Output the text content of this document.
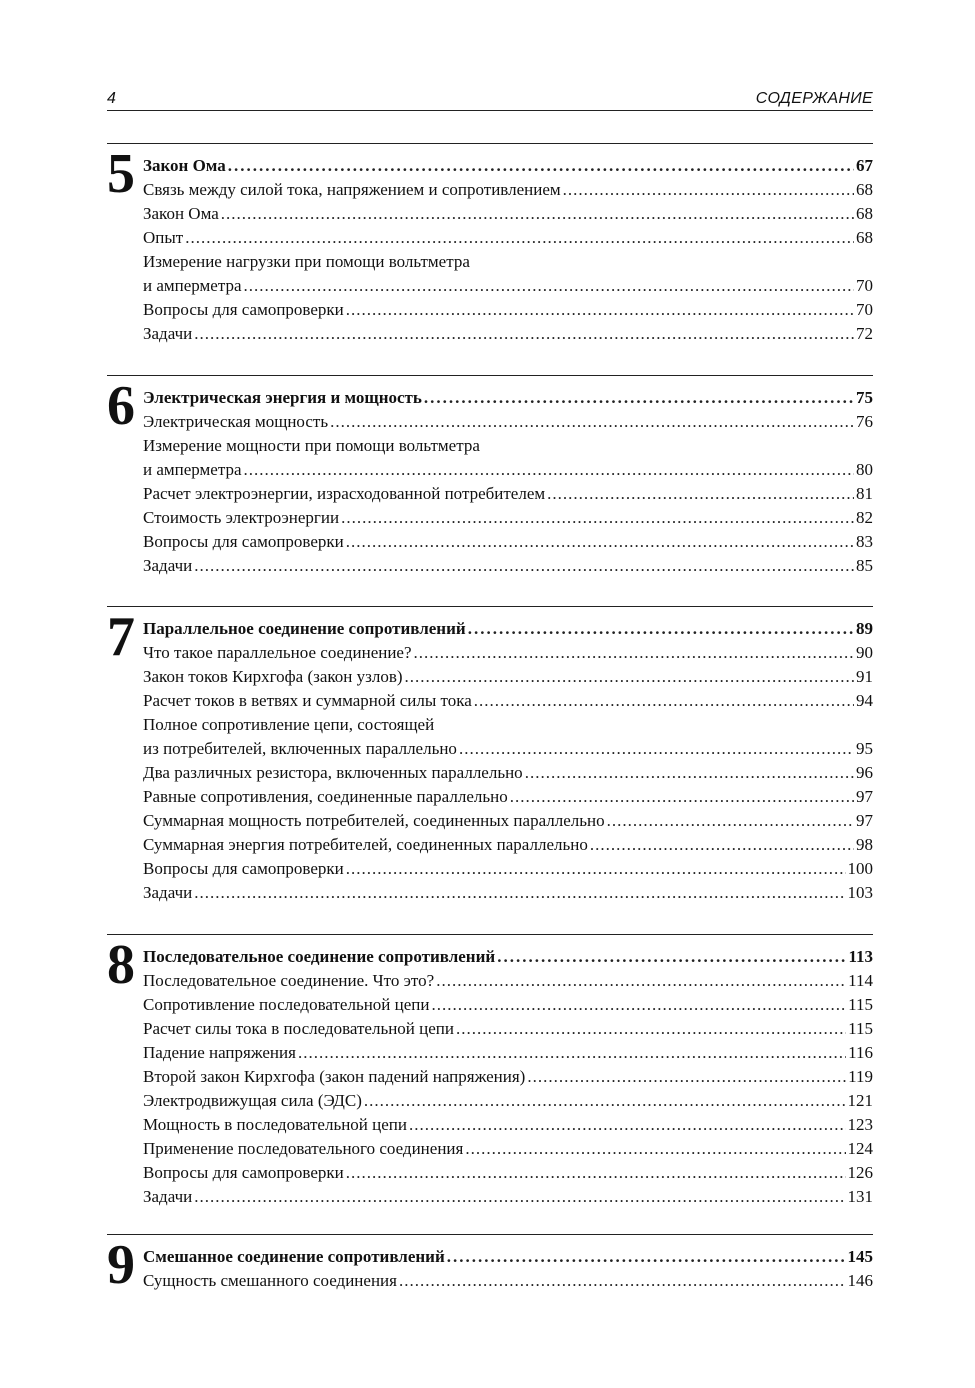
4	СОДЕРЖАНИЕ
5 Закон Ома .....	67
Связь между силой тока, напряжением и сопротивлением .....	68
Закон Ома .....	68
Опыт .....	68
Измерение нагрузки при помощи вольтметра
и амперметра .....	70
Вопросы для самопроверки .....	70
Задачи .....	72
6 Электрическая энергия и мощность .....	75
Электрическая мощность .....	76
Измерение мощности при помощи вольтметра
и амперметра .....	80
Расчет электроэнергии, израсходованной потребителем .....	81
Стоимость электроэнергии .....	82
Вопросы для самопроверки .....	83
Задачи .....	85
7 Параллельное соединение сопротивлений .....	89
Что такое параллельное соединение? .....	90
Закон токов Кирхгофа (закон узлов) .....	91
Расчет токов в ветвях и суммарной силы тока .....	94
Полное сопротивление цепи, состоящей
из потребителей, включенных параллельно .....	95
Два различных резистора, включенных параллельно .....	96
Равные сопротивления, соединенные параллельно .....	97
Суммарная мощность потребителей, соединенных параллельно .....	97
Суммарная энергия потребителей, соединенных параллельно .....	98
Вопросы для самопроверки .....	100
Задачи .....	103
8 Последовательное соединение сопротивлений .....	113
Последовательное соединение. Что это? .....	114
Сопротивление последовательной цепи .....	115
Расчет силы тока в последовательной цепи .....	115
Падение напряжения .....	116
Второй закон Кирхгофа (закон падений напряжения) .....	119
Электродвижущая сила (ЭДС) .....	121
Мощность в последовательной цепи .....	123
Применение последовательного соединения .....	124
Вопросы для самопроверки .....	126
Задачи .....	131
9 Смешанное соединение сопротивлений .....	145
Сущность смешанного соединения .....	146
